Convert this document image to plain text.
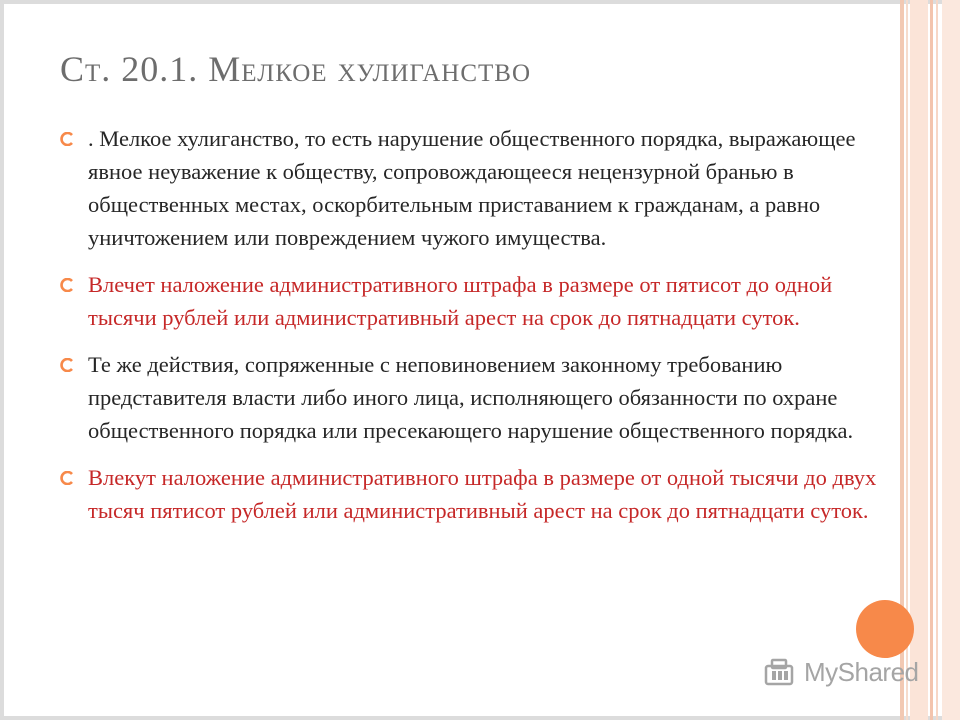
Ст. 20.1. Мелкое хулиганство
. Мелкое хулиганство, то есть нарушение общественного порядка, выражающее явное неуважение к обществу, сопровождающееся нецензурной бранью в общественных местах, оскорбительным приставанием к гражданам, а равно уничтожением или повреждением чужого имущества.
Влечет наложение административного штрафа в размере от пятисот до одной тысячи рублей или административный арест на срок до пятнадцати суток.
Те же действия, сопряженные с неповиновением законному требованию представителя власти либо иного лица, исполняющего обязанности по охране общественного порядка или пресекающего нарушение общественного порядка.
Влекут наложение административного штрафа в размере от одной тысячи до двух тысяч пятисот рублей или административный арест на срок до пятнадцати суток.
MyShared
